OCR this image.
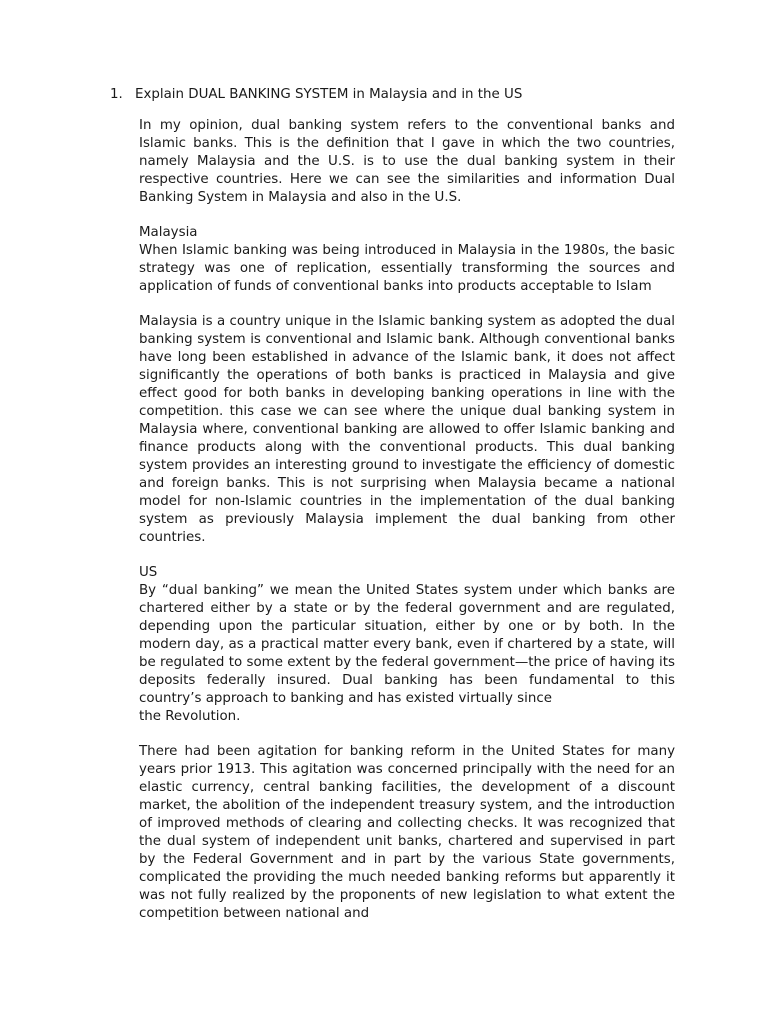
1. Explain DUAL BANKING SYSTEM in Malaysia and in the US

In my opinion, dual banking system refers to the conventional banks and Islamic banks. This is the definition that I gave in which the two countries, namely Malaysia and the U.S. is to use the dual banking system in their respective countries. Here we can see the similarities and information Dual Banking System in Malaysia and also in the U.S.

Malaysia

When Islamic banking was being introduced in Malaysia in the 1980s, the basic strategy was one of replication, essentially transforming the sources and application of funds of conventional banks into products acceptable to Islam

Malaysia is a country unique in the Islamic banking system as adopted the dual banking system is conventional and Islamic bank. Although conventional banks have long been established in advance of the Islamic bank, it does not affect significantly the operations of both banks is practiced in Malaysia and give effect good for both banks in developing banking operations in line with the competition. this case we can see where the unique dual banking system in Malaysia where, conventional banking are allowed to offer Islamic banking and finance products along with the conventional products. This dual banking system provides an interesting ground to investigate the efficiency of domestic and foreign banks. This is not surprising when Malaysia became a national model for non-Islamic countries in the implementation of the dual banking system as previously Malaysia implement the dual banking from other countries.

US

By “dual banking” we mean the United States system under which banks are chartered either by a state or by the federal government and are regulated, depending upon the particular situation, either by one or by both. In the modern day, as a practical matter every bank, even if chartered by a state, will be regulated to some extent by the federal government—the price of having its deposits federally insured. Dual banking has been fundamental to this country’s approach to banking and has existed virtually since

the Revolution.

There had been agitation for banking reform in the United States for many years prior 1913. This agitation was concerned principally with the need for an elastic currency, central banking facilities, the development of a discount market, the abolition of the independent treasury system, and the introduction of improved methods of clearing and collecting checks. It was recognized that the dual system of independent unit banks, chartered and supervised in part by the Federal Government and in part by the various State governments, complicated the providing the much needed banking reforms but apparently it was not fully realized by the proponents of new legislation to what extent the competition between national and
